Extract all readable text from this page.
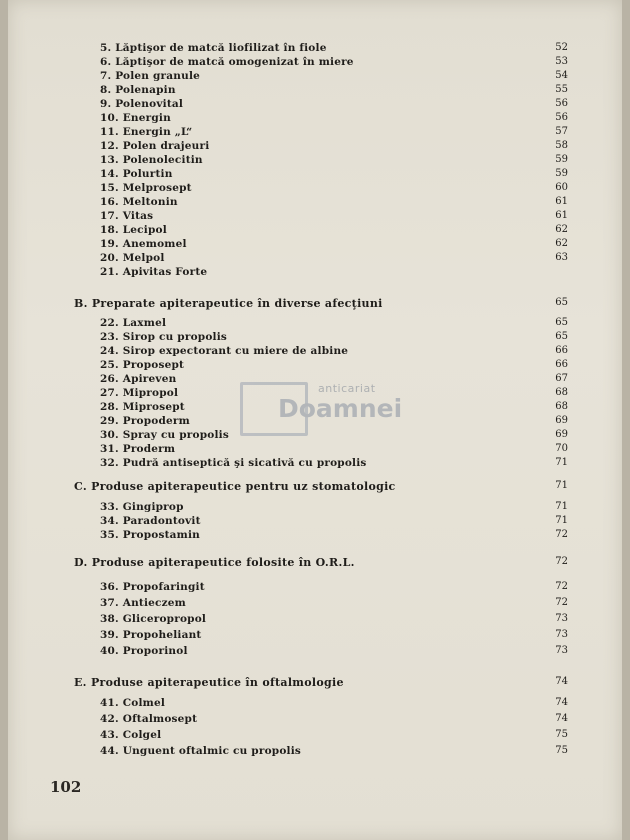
5. Lăptişor de matcă liofilizat în fiole	52
6. Lăptişor de matcă omogenizat în miere	53
7. Polen granule	54
8. Polenapin	55
9. Polenovital	56
10. Energin	56
11. Energin „L“	57
12. Polen drajeuri	58
13. Polenolecitin	59
14. Polurtin	59
15. Melprosept	60
16. Meltonin	61
17. Vitas	61
18. Lecipol	62
19. Anemomel	62
20. Melpol	63
21. Apivitas Forte
B. Preparate apiterapeutice în diverse afecţiuni	65
22. Laxmel	65
23. Sirop cu propolis	65
24. Sirop expectorant cu miere de albine	66
25. Proposept	66
26. Apireven	67
27. Mipropol	68
28. Miprosept	68
29. Propoderm	69
30. Spray cu propolis	69
31. Proderm	70
32. Pudră antiseptică şi sicativă cu propolis	71
C. Produse apiterapeutice pentru uz stomatologic	71
33. Gingiprop	71
34. Paradontovit	71
35. Propostamin	72
D. Produse apiterapeutice folosite în O.R.L.	72
36. Propofaringit	72
37. Antieczem	72
38. Gliceropropol	73
39. Propoheliant	73
40. Proporinol	73
E. Produse apiterapeutice în oftalmologie	74
41. Colmel	74
42. Oftalmosept	74
43. Colgel	75
44. Unguent oftalmic cu propolis	75
anticariat
Doamnei
102
